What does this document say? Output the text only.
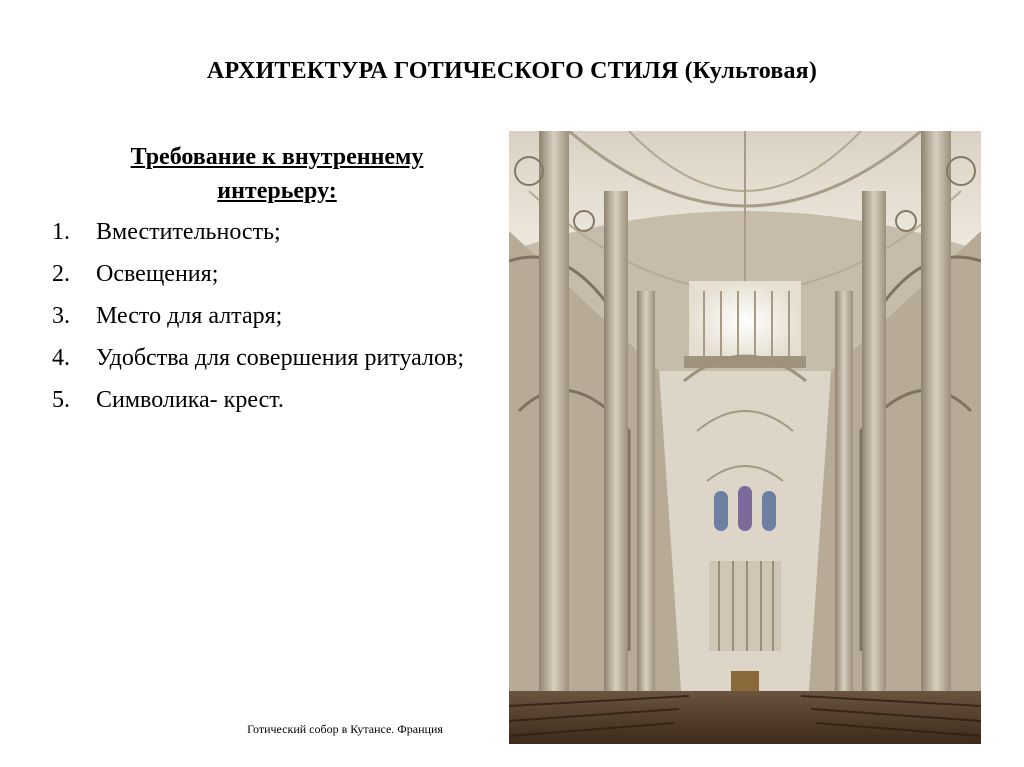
АРХИТЕКТУРА ГОТИЧЕСКОГО СТИЛЯ (Культовая)
Требование к внутреннему интерьеру:
1.	Вместительность;
2.	Освещения;
3.	Место для алтаря;
4.	Удобства для совершения ритуалов;
5.	Символика- крест.
Готический собор в Кутансе. Франция
